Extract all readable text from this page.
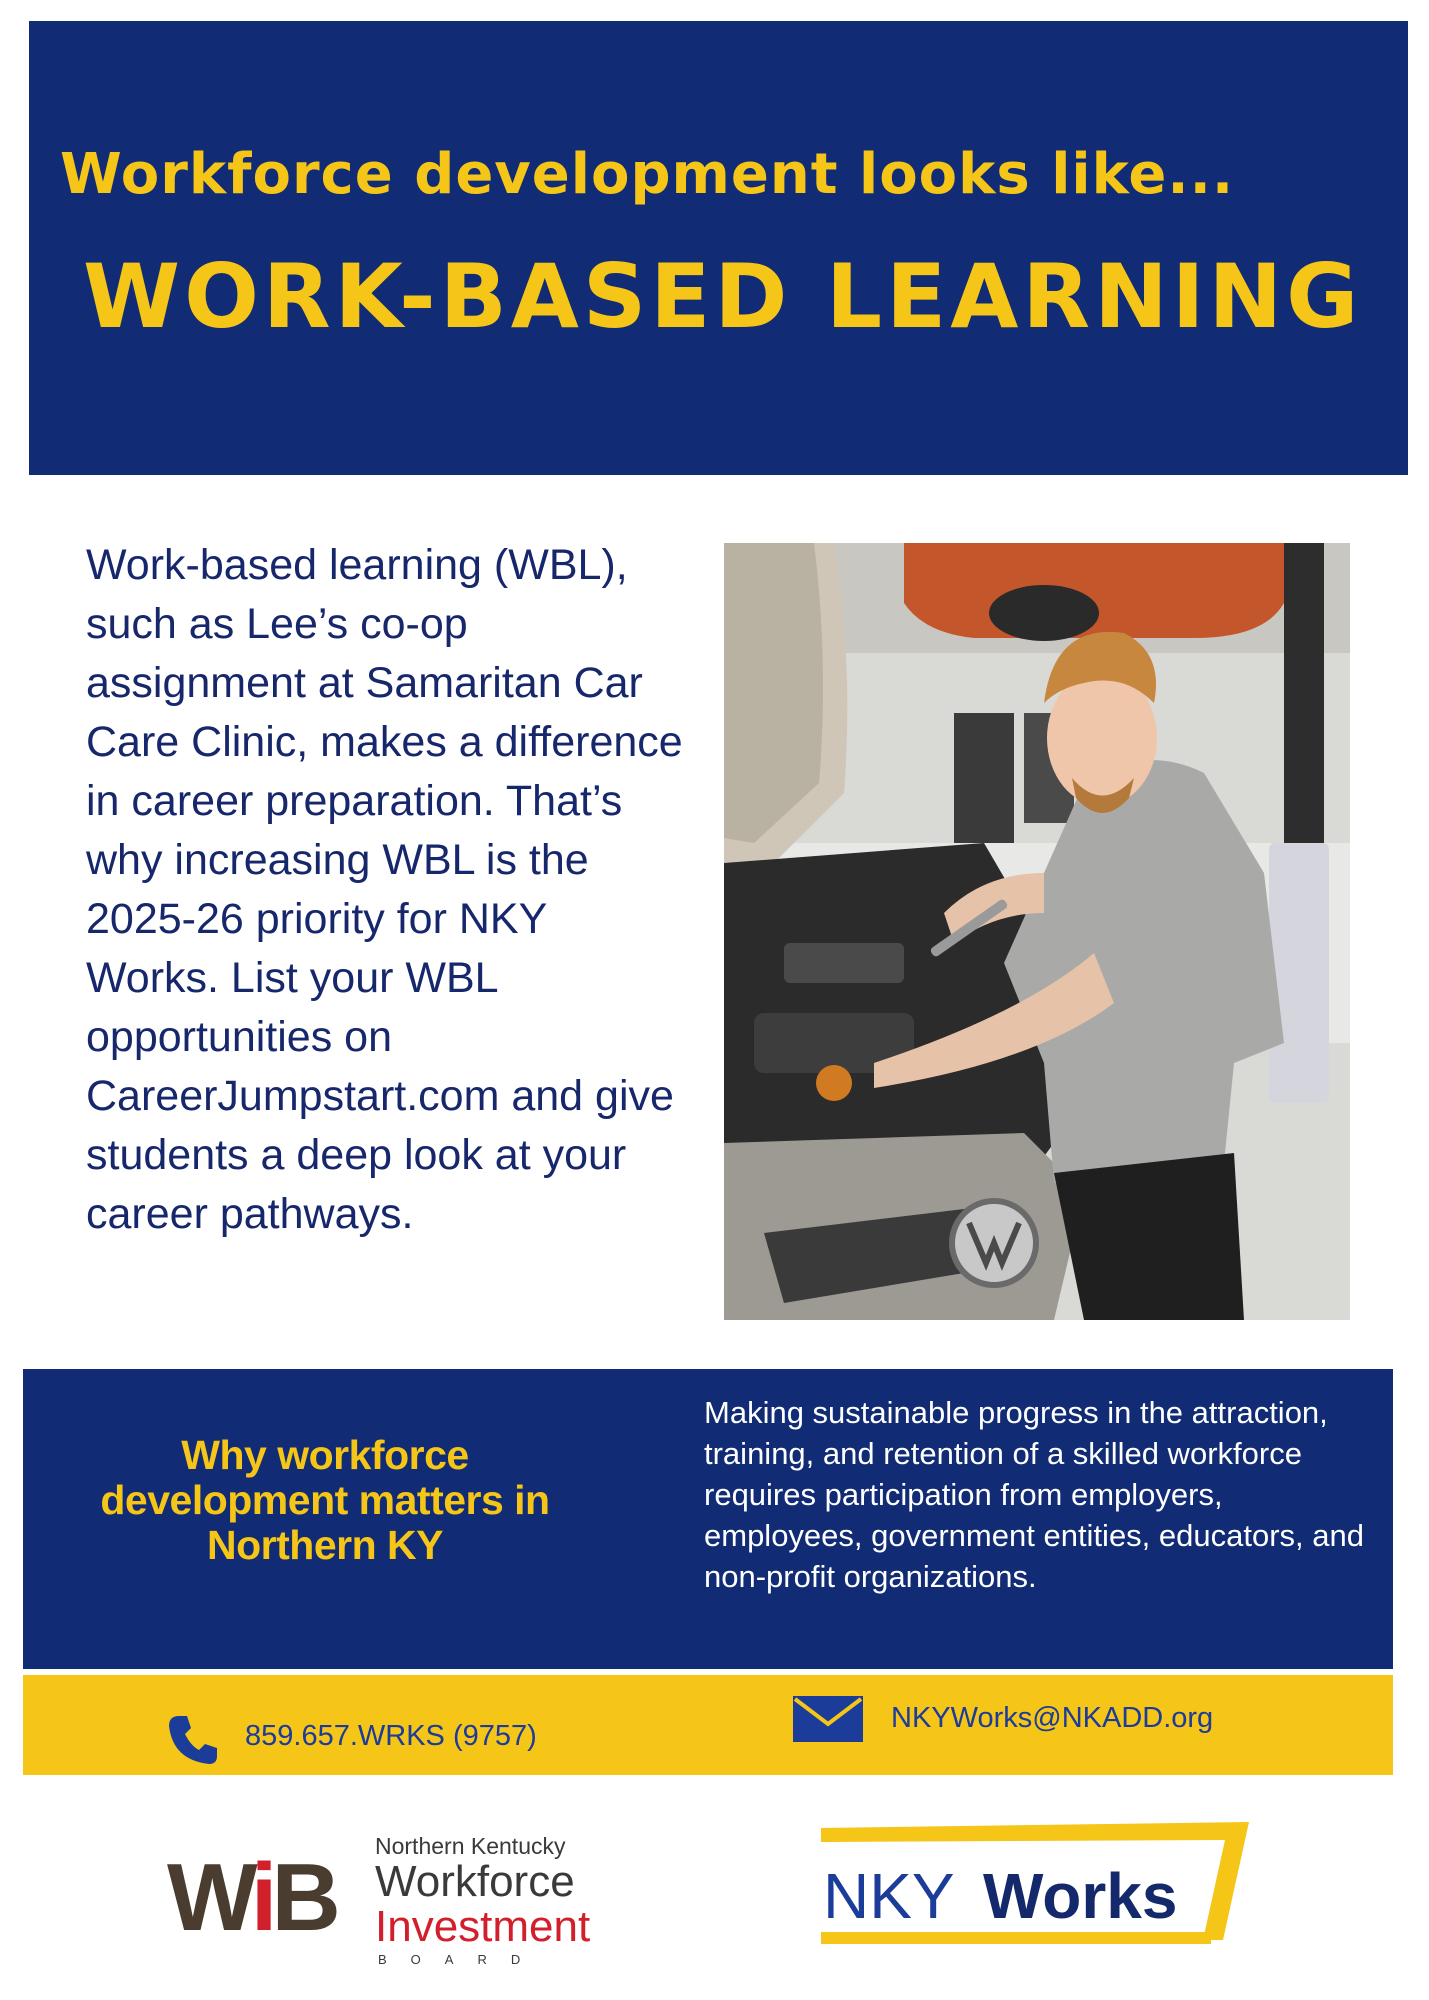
Workforce development looks like...
WORK-BASED LEARNING
Work-based learning (WBL), such as Lee’s co-op assignment at Samaritan Car Care Clinic, makes a difference in career preparation. That’s why increasing WBL is the 2025-26 priority for NKY Works. List your WBL opportunities on CareerJumpstart.com and give students a deep look at your career pathways.
Why workforce development matters in Northern KY
Making sustainable progress in the attraction, training, and retention of a skilled workforce requires participation from employers, employees, government entities, educators, and non-profit organizations.
859.657.WRKS (9757)
NKYWorks@NKADD.org
WiB Northern Kentucky
Workforce
Investment
BOARD
NKY Works
